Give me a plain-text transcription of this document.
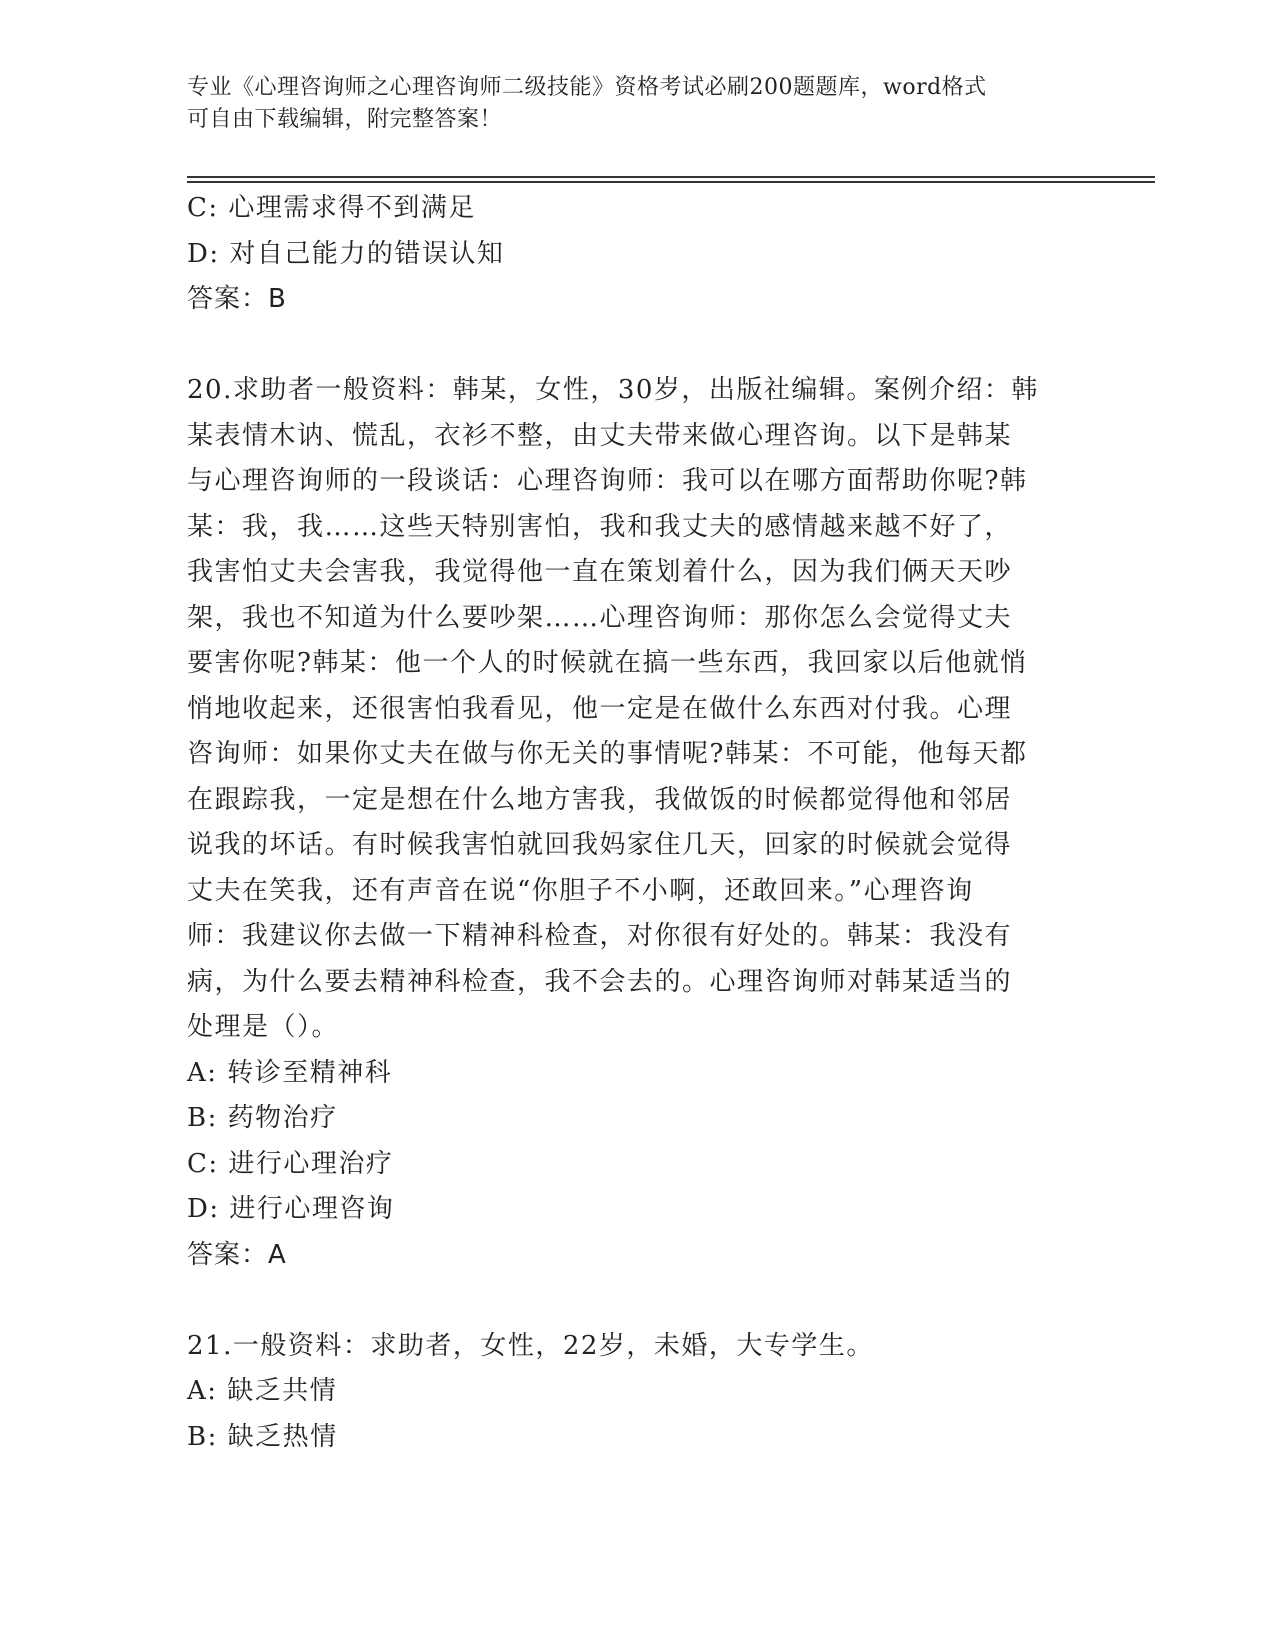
专业《心理咨询师之心理咨询师二级技能》资格考试必刷200题题库，word格式
可自由下载编辑，附完整答案！
C: 心理需求得不到满足
D: 对自己能力的错误认知
答案：B
20.求助者一般资料：韩某，女性，30岁，出版社编辑。案例介绍：韩
某表情木讷、慌乱，衣衫不整，由丈夫带来做心理咨询。以下是韩某
与心理咨询师的一段谈话：心理咨询师：我可以在哪方面帮助你呢?韩
某：我，我……这些天特别害怕，我和我丈夫的感情越来越不好了，
我害怕丈夫会害我，我觉得他一直在策划着什么，因为我们俩天天吵
架，我也不知道为什么要吵架……心理咨询师：那你怎么会觉得丈夫
要害你呢?韩某：他一个人的时候就在搞一些东西，我回家以后他就悄
悄地收起来，还很害怕我看见，他一定是在做什么东西对付我。心理
咨询师：如果你丈夫在做与你无关的事情呢?韩某：不可能，他每天都
在跟踪我，一定是想在什么地方害我，我做饭的时候都觉得他和邻居
说我的坏话。有时候我害怕就回我妈家住几天，回家的时候就会觉得
丈夫在笑我，还有声音在说“你胆子不小啊，还敢回来。”心理咨询
师：我建议你去做一下精神科检查，对你很有好处的。韩某：我没有
病，为什么要去精神科检查，我不会去的。心理咨询师对韩某适当的
处理是（）。
A: 转诊至精神科
B: 药物治疗
C: 进行心理治疗
D: 进行心理咨询
答案：A
21.一般资料：求助者，女性，22岁，未婚，大专学生。
A: 缺乏共情
B: 缺乏热情
